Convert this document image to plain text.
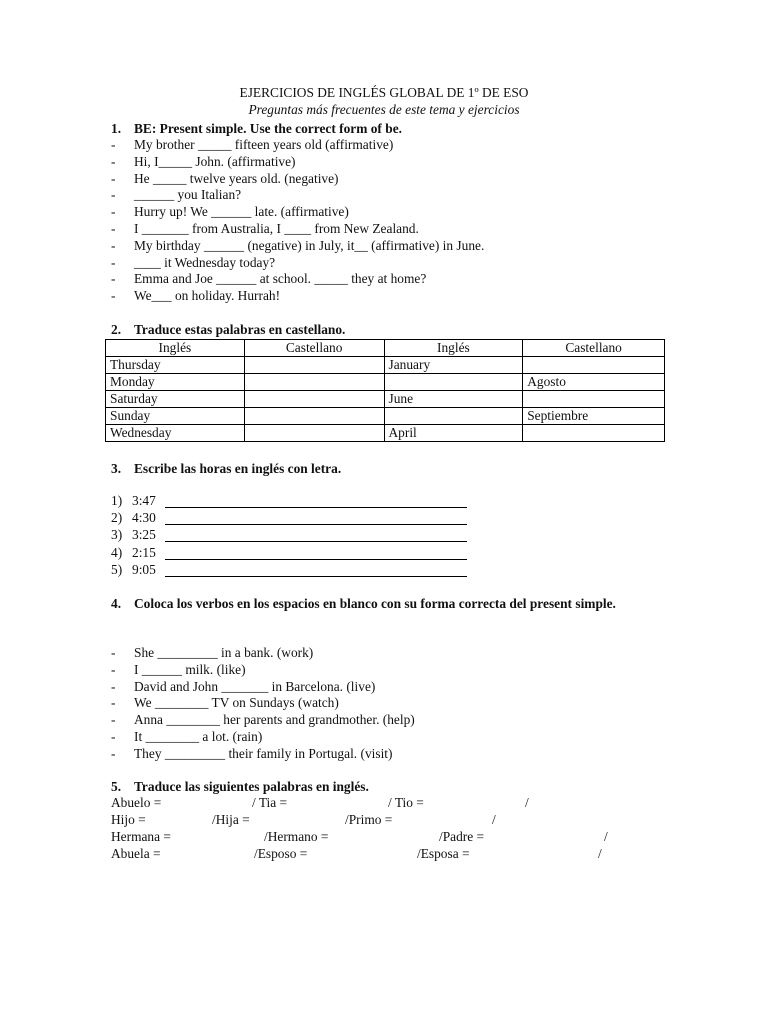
EJERCICIOS DE INGLÉS GLOBAL DE 1º DE ESO
Preguntas más frecuentes de este tema y ejercicios
1. BE: Present simple. Use the correct form of be.
- My brother _____ fifteen years old (affirmative)
- Hi, I_____ John. (affirmative)
- He _____ twelve years old. (negative)
- ______ you Italian?
- Hurry up! We ______ late. (affirmative)
- I _______ from Australia, I ____ from New Zealand.
- My birthday ______ (negative) in July, it__ (affirmative) in June.
- ____ it Wednesday today?
- Emma and Joe ______ at school. _____ they at home?
- We___ on holiday. Hurrah!
2. Traduce estas palabras en castellano.
Inglés	Castellano	Inglés	Castellano
Thursday		January	
Monday			Agosto
Saturday		June	
Sunday			Septiembre
Wednesday		April	
3. Escribe las horas en inglés con letra.
1) 3:47
2) 4:30
3) 3:25
4) 2:15
5) 9:05
4. Coloca los verbos en los espacios en blanco con su forma correcta del present simple.
- She _________ in a bank. (work)
- I ______ milk. (like)
- David and John _______ in Barcelona. (live)
- We ________ TV on Sundays (watch)
- Anna ________ her parents and grandmother. (help)
- It ________ a lot. (rain)
- They _________ their family in Portugal. (visit)
5. Traduce las siguientes palabras en inglés.
Abuelo =	/ Tia =	/ Tio =	/
Hijo =	/Hija =	/Primo =	/
Hermana =	/Hermano =	/Padre =	/
Abuela =	/Esposo =	/Esposa =	/
